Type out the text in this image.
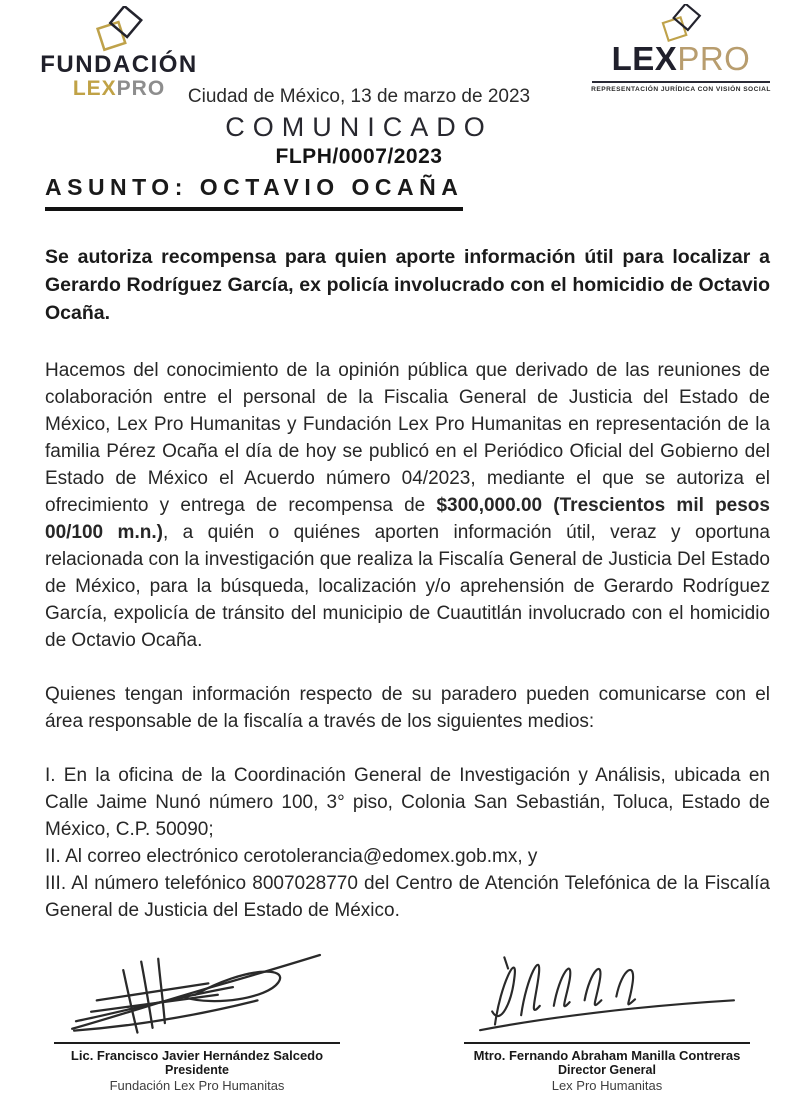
FUNDACIÓN
LEXPRO
LEXPRO
REPRESENTACIÓN JURÍDICA CON VISIÓN SOCIAL
Ciudad de México, 13 de marzo de 2023
COMUNICADO
FLPH/0007/2023
ASUNTO: OCTAVIO OCAÑA

Se autoriza recompensa para quien aporte información útil para localizar a Gerardo Rodríguez García, ex policía involucrado con el homicidio de Octavio Ocaña.

Hacemos del conocimiento de la opinión pública que derivado de las reuniones de colaboración entre el personal de la Fiscalia General de Justicia del Estado de México, Lex Pro Humanitas y Fundación Lex Pro Humanitas en representación de la familia Pérez Ocaña el día de hoy se publicó en el Periódico Oficial del Gobierno del Estado de México el Acuerdo número 04/2023, mediante el que se autoriza el ofrecimiento y entrega de recompensa de $300,000.00 (Trescientos mil pesos 00/100 m.n.), a quién o quiénes aporten información útil, veraz y oportuna relacionada con la investigación que realiza la Fiscalía General de Justicia Del Estado de México, para la búsqueda, localización y/o aprehensión de Gerardo Rodríguez García, expolicía de tránsito del municipio de Cuautitlán involucrado con el homicidio de Octavio Ocaña.

Quienes tengan información respecto de su paradero pueden comunicarse con el área responsable de la fiscalía a través de los siguientes medios:

I. En la oficina de la Coordinación General de Investigación y Análisis, ubicada en Calle Jaime Nunó número 100, 3° piso, Colonia San Sebastián, Toluca, Estado de México, C.P. 50090;

II. Al correo electrónico cerotolerancia@edomex.gob.mx, y

III. Al número telefónico 8007028770 del Centro de Atención Telefónica de la Fiscalía General de Justicia del Estado de México.

Lic. Francisco Javier Hernández Salcedo
Presidente
Fundación Lex Pro Humanitas
Mtro. Fernando Abraham Manilla Contreras
Director General
Lex Pro Humanitas
